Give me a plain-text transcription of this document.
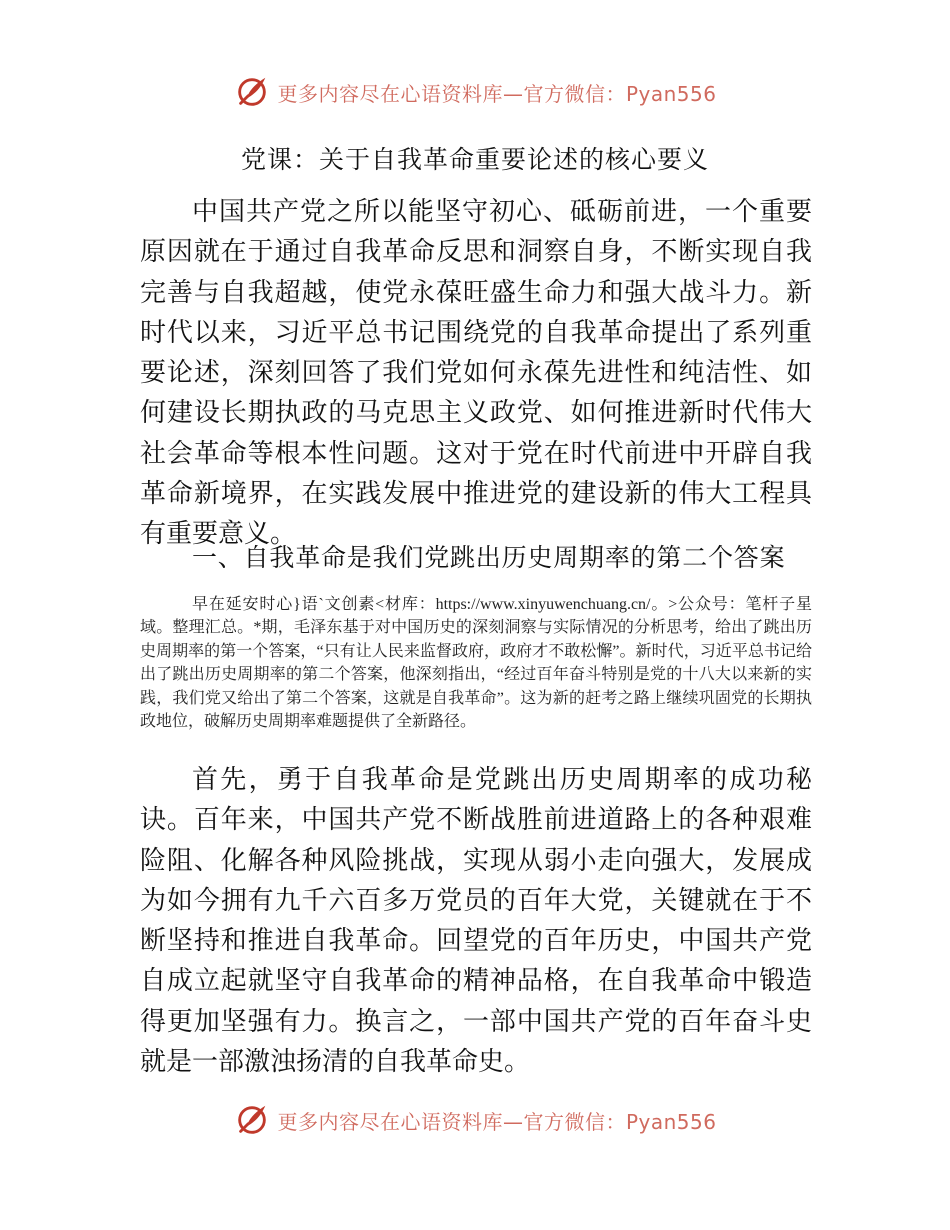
更多内容尽在心语资料库—官方微信：Pyan556
党课：关于自我革命重要论述的核心要义

中国共产党之所以能坚守初心、砥砺前进，一个重要原因就在于通过自我革命反思和洞察自身，不断实现自我完善与自我超越，使党永葆旺盛生命力和强大战斗力。新时代以来，习近平总书记围绕党的自我革命提出了系列重要论述，深刻回答了我们党如何永葆先进性和纯洁性、如何建设长期执政的马克思主义政党、如何推进新时代伟大社会革命等根本性问题。这对于党在时代前进中开辟自我革命新境界，在实践发展中推进党的建设新的伟大工程具有重要意义。

一、自我革命是我们党跳出历史周期率的第二个答案

早在延安时心}语`文创素<材库：https://www.xinyuwenchuang.cn/。>公众号：笔杆子星域。整理汇总。*期，毛泽东基于对中国历史的深刻洞察与实际情况的分析思考，给出了跳出历史周期率的第一个答案，“只有让人民来监督政府，政府才不敢松懈”。新时代，习近平总书记给出了跳出历史周期率的第二个答案，他深刻指出，“经过百年奋斗特别是党的十八大以来新的实践，我们党又给出了第二个答案，这就是自我革命”。这为新的赶考之路上继续巩固党的长期执政地位，破解历史周期率难题提供了全新路径。

首先，勇于自我革命是党跳出历史周期率的成功秘诀。百年来，中国共产党不断战胜前进道路上的各种艰难险阻、化解各种风险挑战，实现从弱小走向强大，发展成为如今拥有九千六百多万党员的百年大党，关键就在于不断坚持和推进自我革命。回望党的百年历史，中国共产党自成立起就坚守自我革命的精神品格，在自我革命中锻造得更加坚强有力。换言之，一部中国共产党的百年奋斗史就是一部激浊扬清的自我革命史。

更多内容尽在心语资料库—官方微信：Pyan556
